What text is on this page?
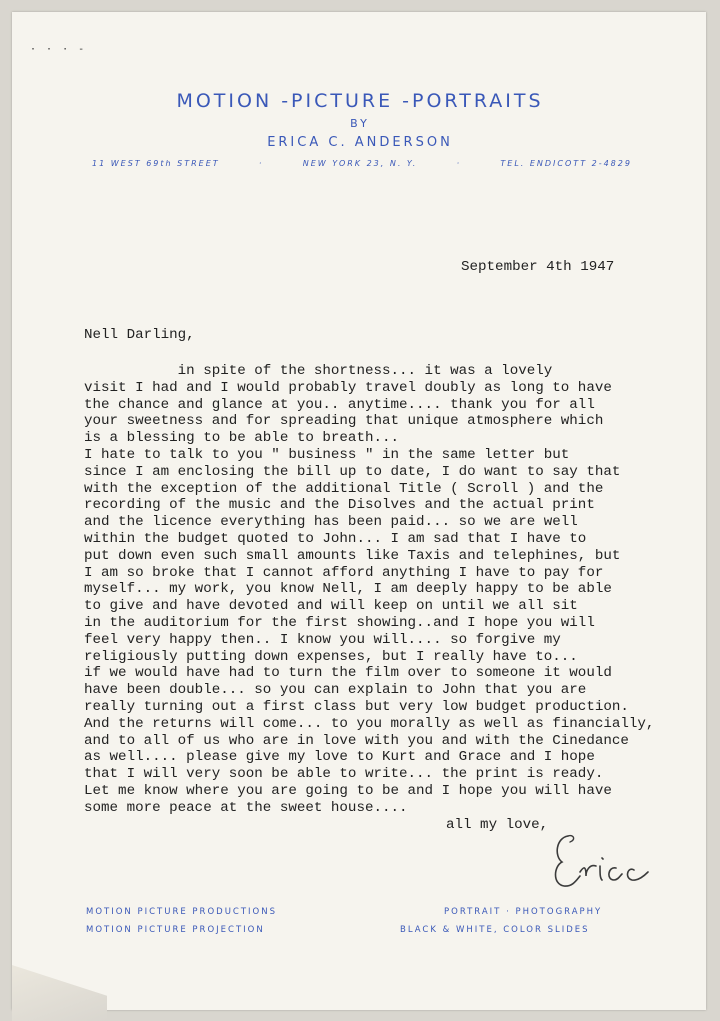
· · · -
MOTION -PICTURE -PORTRAITS
BY
ERICA C. ANDERSON
11 WEST 69th STREET	·	NEW YORK 23, N. Y.	·	TEL. ENDICOTT 2-4829
September 4th 1947
Nell Darling,
in spite of the shortness... it was a lovely
visit I had and I would probably travel doubly as long to have
the chance and glance at you.. anytime.... thank you for all
your sweetness and for spreading that unique atmosphere which
is a blessing to be able to breath...
I hate to talk to you " business " in the same letter but
since I am enclosing the bill up to date, I do want to say that
with the exception of the additional Title ( Scroll ) and the
recording of the music and the Disolves and the actual print
and the licence everything has been paid... so we are well
within the budget quoted to John... I am sad that I have to
put down even such small amounts like Taxis and telephines, but
I am so broke that I cannot afford anything I have to pay for
myself... my work, you know Nell, I am deeply happy to be able
to give and have devoted and will keep on until we all sit
in the auditorium for the first showing..and I hope you will
feel very happy then.. I know you will.... so forgive my
religiously putting down expenses, but I really have to...
if we would have had to turn the film over to someone it would
have been double... so you can explain to John that you are
really turning out a first class but very low budget production.
And the returns will come... to you morally as well as financially,
and to all of us who are in love with you and with the Cinedance
as well.... please give my love to Kurt and Grace and I hope
that I will very soon be able to write... the print is ready.
Let me know where you are going to be and I hope you will have
some more peace at the sweet house....
all my love,
MOTION PICTURE PRODUCTIONS
MOTION PICTURE PROJECTION
PORTRAIT · PHOTOGRAPHY
BLACK & WHITE, COLOR SLIDES
